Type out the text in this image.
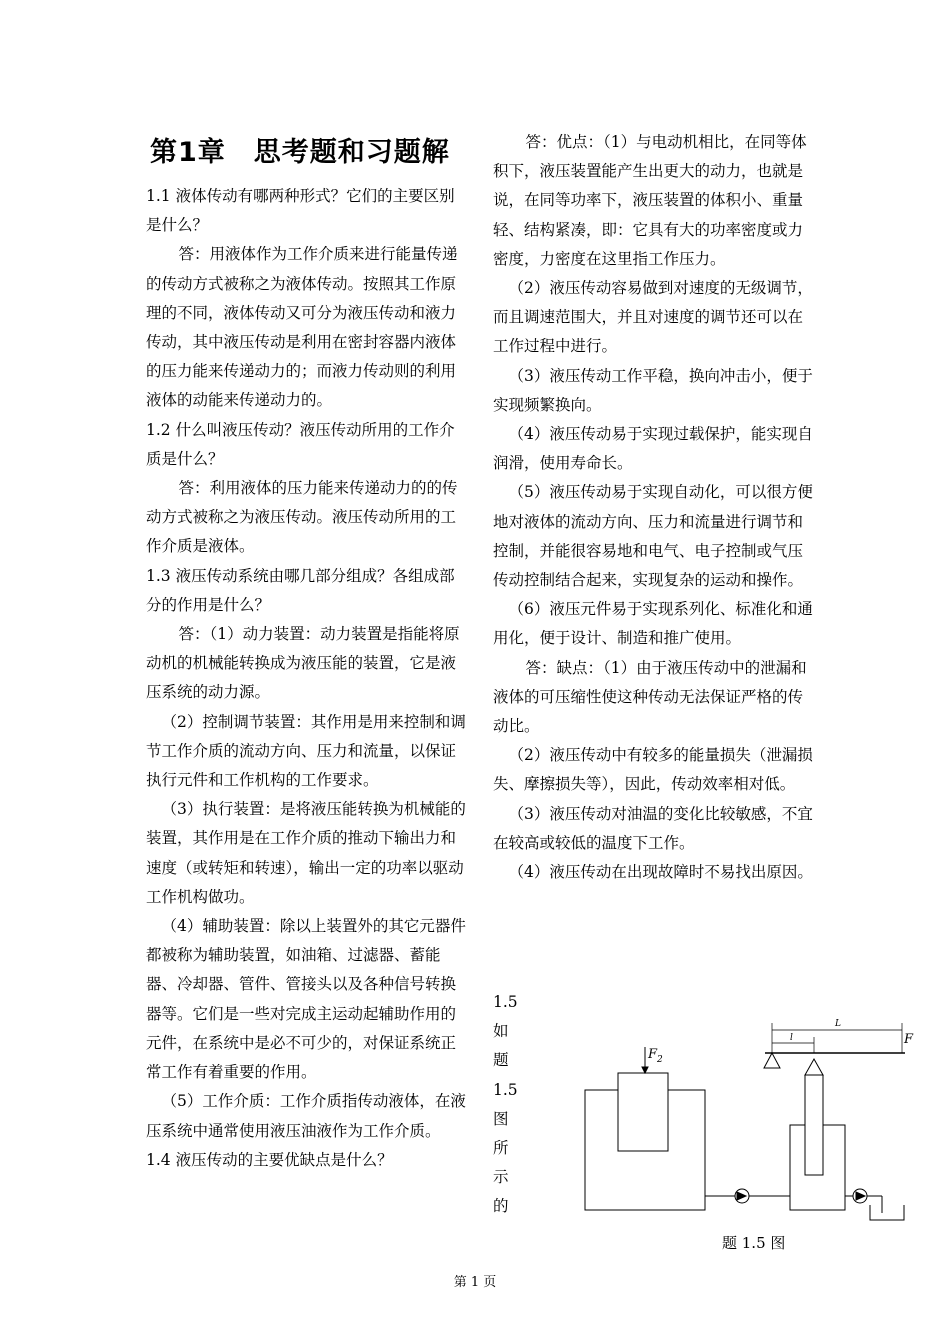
第1章　思考题和习题解

1.1 液体传动有哪两种形式？它们的主要区别是什么？

答：用液体作为工作介质来进行能量传递的传动方式被称之为液体传动。按照其工作原理的不同，液体传动又可分为液压传动和液力传动，其中液压传动是利用在密封容器内液体的压力能来传递动力的；而液力传动则的利用液体的动能来传递动力的。

1.2 什么叫液压传动？液压传动所用的工作介质是什么？

答：利用液体的压力能来传递动力的的传动方式被称之为液压传动。液压传动所用的工作介质是液体。

1.3 液压传动系统由哪几部分组成？各组成部分的作用是什么？

答：（1）动力装置：动力装置是指能将原动机的机械能转换成为液压能的装置，它是液压系统的动力源。

（2）控制调节装置：其作用是用来控制和调节工作介质的流动方向、压力和流量，以保证执行元件和工作机构的工作要求。

（3）执行装置：是将液压能转换为机械能的装置，其作用是在工作介质的推动下输出力和速度（或转矩和转速），输出一定的功率以驱动工作机构做功。

（4）辅助装置：除以上装置外的其它元器件都被称为辅助装置，如油箱、过滤器、蓄能器、冷却器、管件、管接头以及各种信号转换器等。它们是一些对完成主运动起辅助作用的元件，在系统中是必不可少的，对保证系统正常工作有着重要的作用。

（5）工作介质：工作介质指传动液体，在液压系统中通常使用液压油液作为工作介质。

1.4 液压传动的主要优缺点是什么？

答：优点：（1）与电动机相比，在同等体积下，液压装置能产生出更大的动力，也就是说，在同等功率下，液压装置的体积小、重量轻、结构紧凑，即：它具有大的功率密度或力密度，力密度在这里指工作压力。

（2）液压传动容易做到对速度的无级调节，而且调速范围大，并且对速度的调节还可以在工作过程中进行。

（3）液压传动工作平稳，换向冲击小，便于实现频繁换向。

（4）液压传动易于实现过载保护，能实现自润滑，使用寿命长。

（5）液压传动易于实现自动化，可以很方便地对液体的流动方向、压力和流量进行调节和控制，并能很容易地和电气、电子控制或气压传动控制结合起来，实现复杂的运动和操作。

（6）液压元件易于实现系列化、标准化和通用化，便于设计、制造和推广使用。

答：缺点：（1）由于液压传动中的泄漏和液体的可压缩性使这种传动无法保证严格的传动比。

（2）液压传动中有较多的能量损失（泄漏损失、摩擦损失等），因此，传动效率相对低。

（3）液压传动对油温的变化比较敏感，不宜在较高或较低的温度下工作。

（4）液压传动在出现故障时不易找出原因。

1.5
如
题
1.5
图
所
示
的
$F_2$
L
l	F
题 1.5 图
第 1 页
